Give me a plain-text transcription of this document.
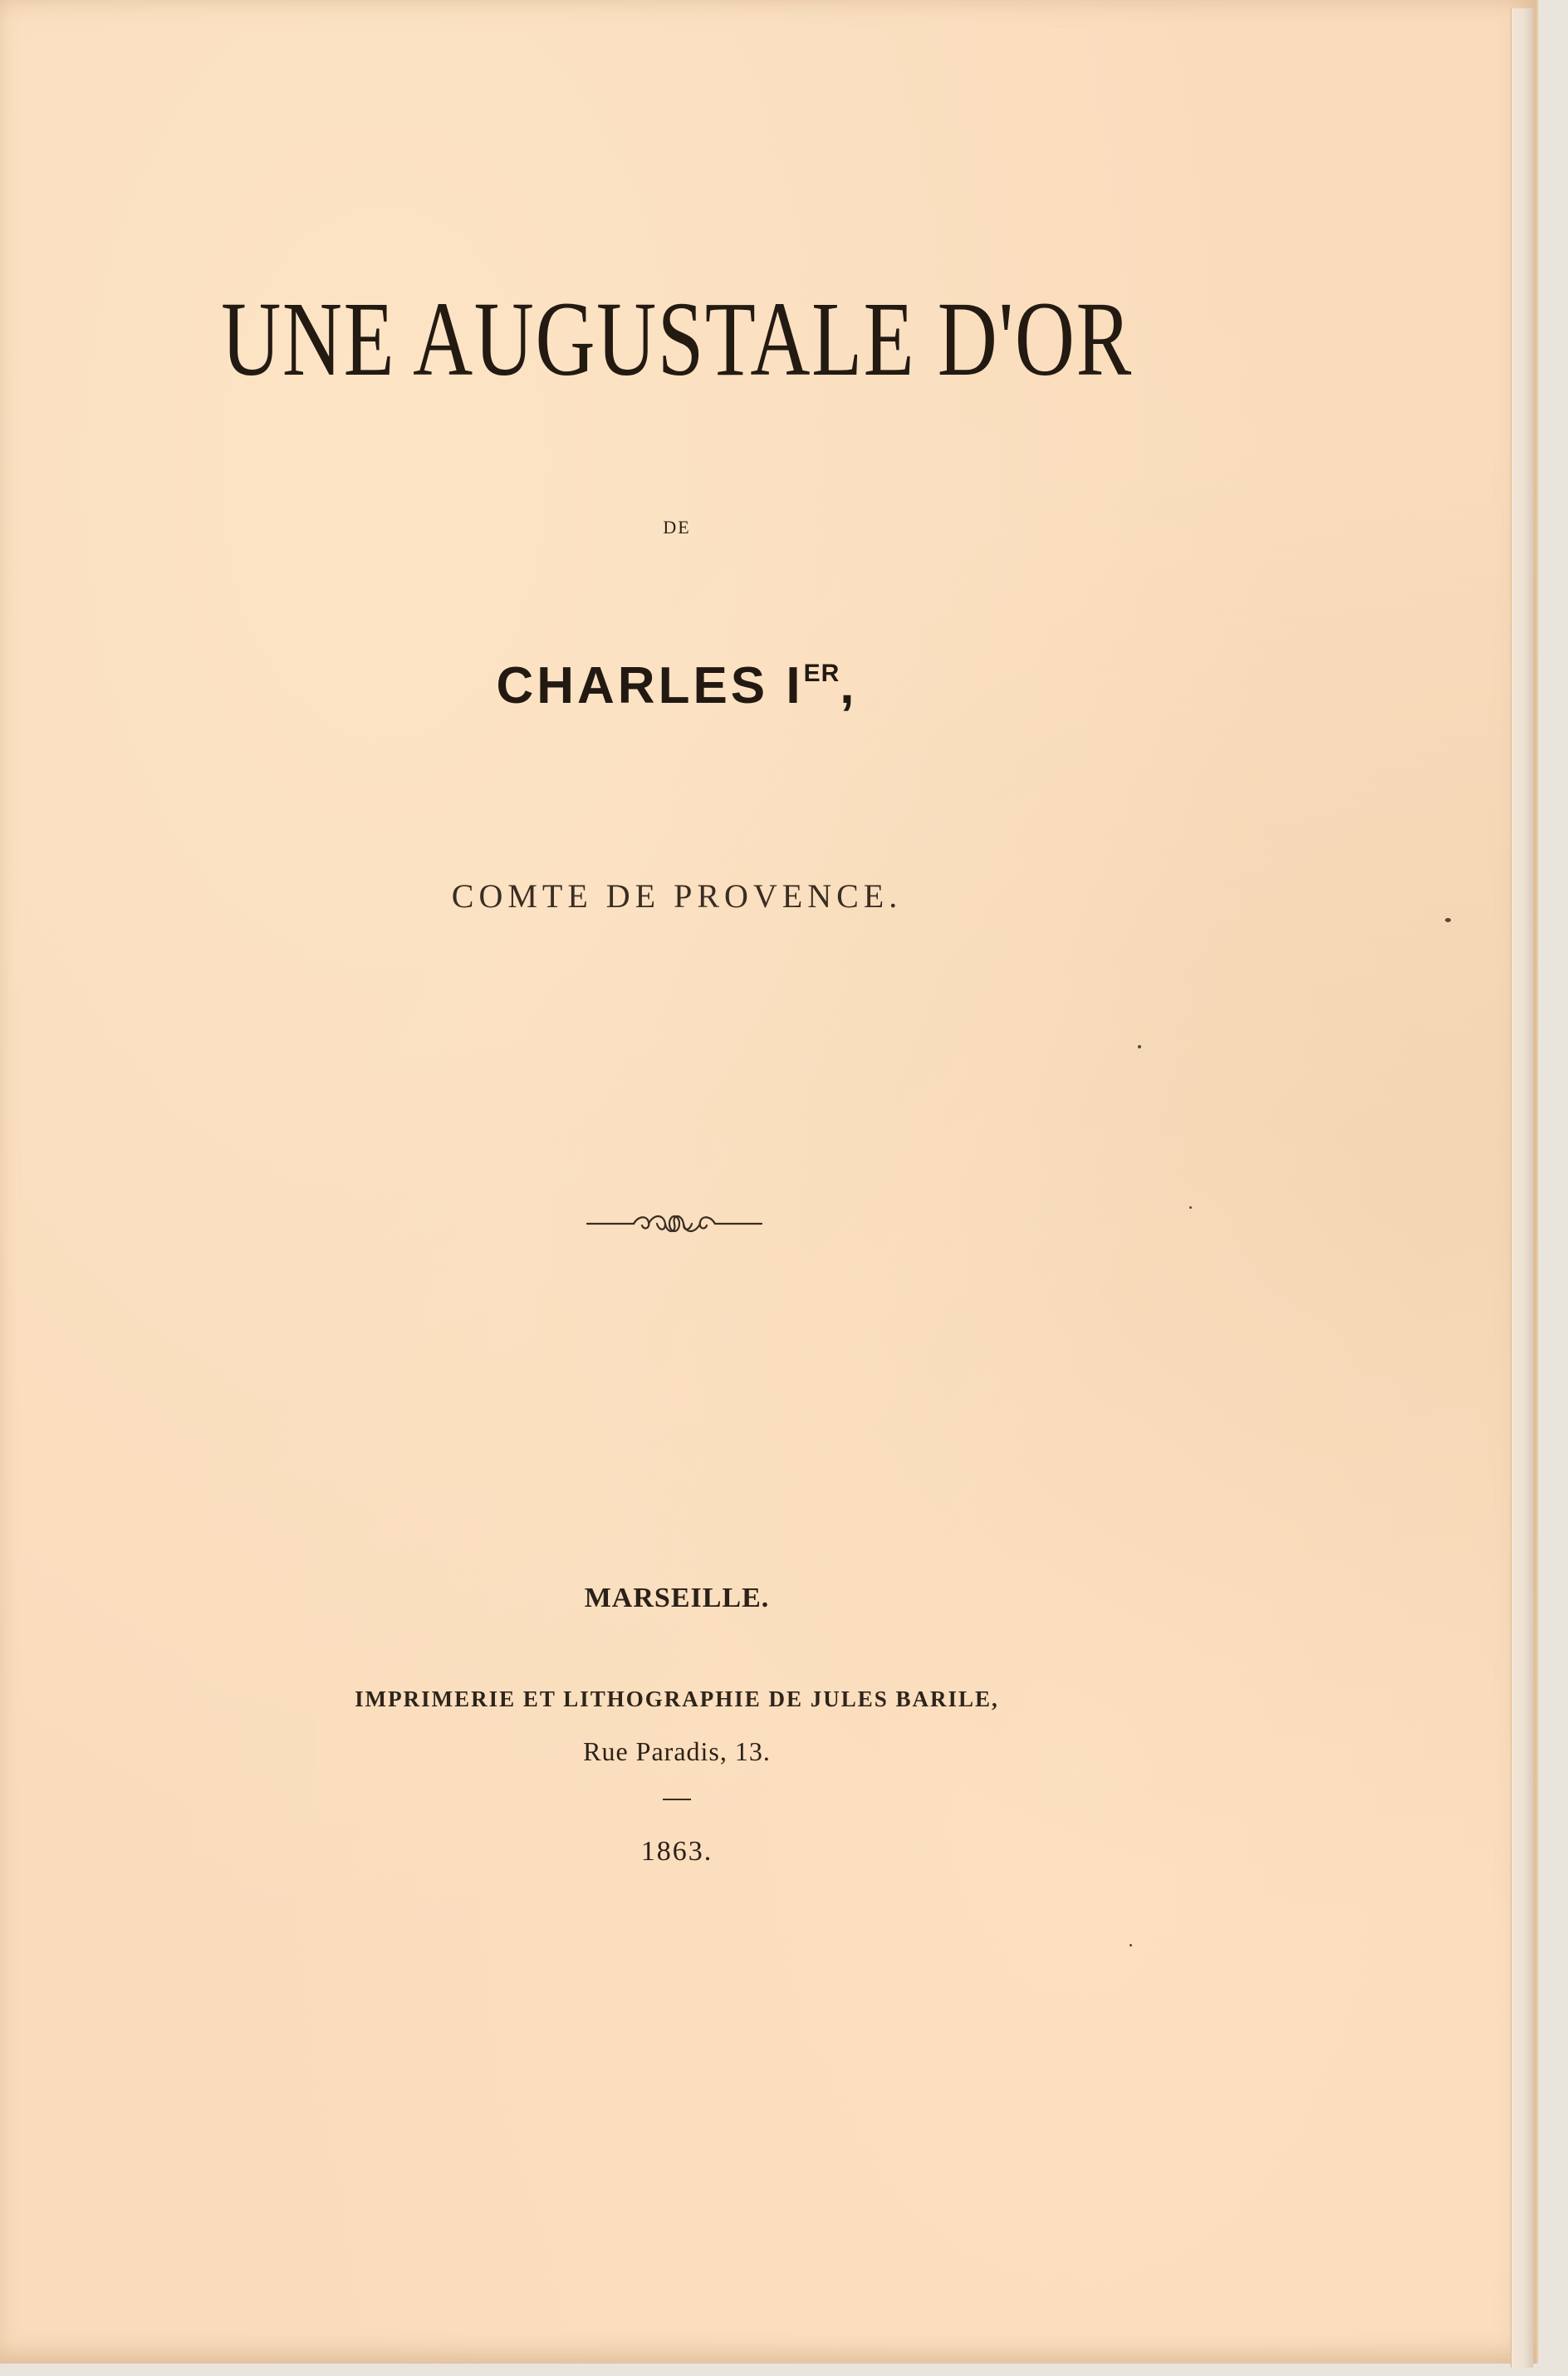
UNE AUGUSTALE D'OR
DE
CHARLES IER,
COMTE DE PROVENCE.
MARSEILLE.
IMPRIMERIE ET LITHOGRAPHIE DE JULES BARILE,
Rue Paradis, 13.
1863.
